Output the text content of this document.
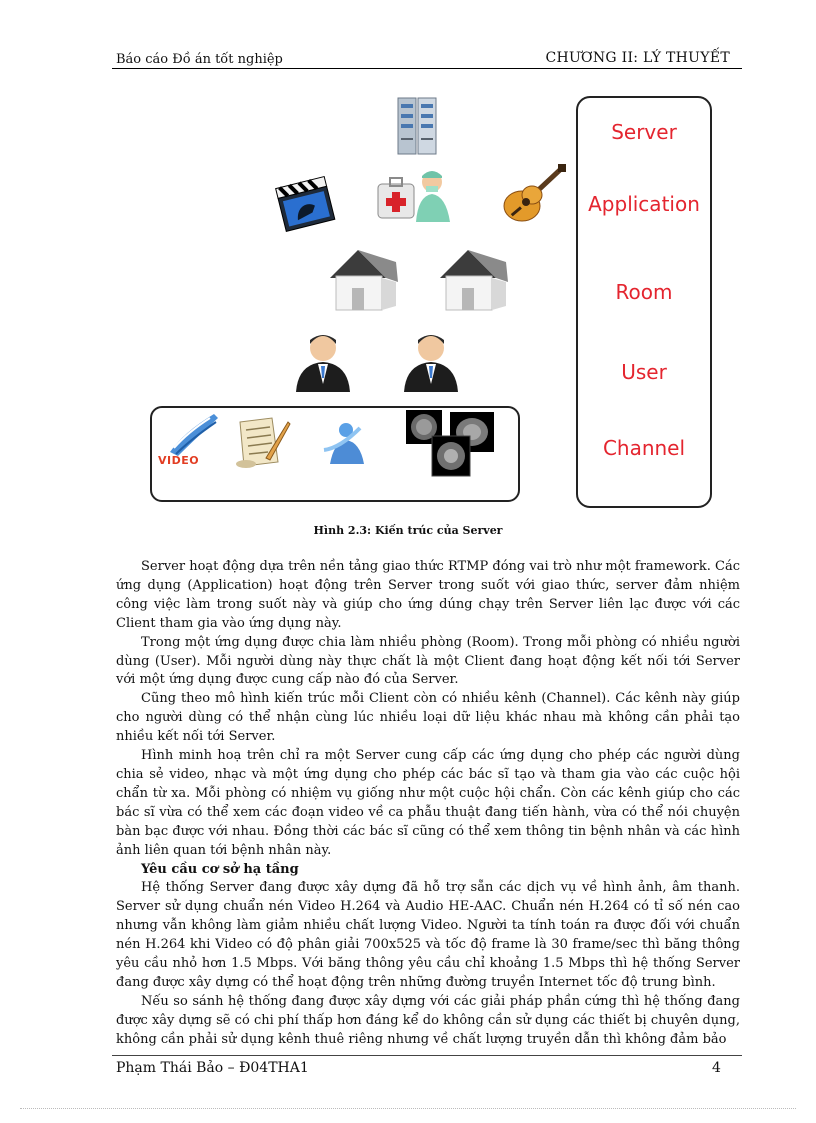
Báo cáo Đồ án tốt nghiệp	CHƯƠNG II: LÝ THUYẾT
VIDEO
Server
Application
Room
User
Channel
Hình 2.3: Kiến trúc của Server

Server hoạt động dựa trên nền tảng giao thức RTMP đóng vai trò như một framework. Các ứng dụng (Application) hoạt động trên Server trong suốt với giao thức, server đảm nhiệm công việc làm trong suốt này và giúp cho ứng dúng chạy trên Server liên lạc được với các Client tham gia vào ứng dụng này.

Trong một ứng dụng được chia làm nhiều phòng (Room). Trong mỗi phòng có nhiều người dùng (User). Mỗi người dùng này thực chất là một Client đang hoạt động kết nối tới Server với một ứng dụng được cung cấp nào đó của Server.

Cũng theo mô hình kiến trúc mỗi Client còn có nhiều kênh (Channel). Các kênh này giúp cho người dùng có thể nhận cùng lúc nhiều loại dữ liệu khác nhau mà không cần phải tạo nhiều kết nối tới Server.

Hình minh hoạ trên chỉ ra một Server cung cấp các ứng dụng cho phép các người dùng chia sẻ video, nhạc và một ứng dụng cho phép các bác sĩ tạo và tham gia vào các cuộc hội chẩn từ xa. Mỗi phòng có nhiệm vụ giống như một cuộc hội chẩn. Còn các kênh giúp cho các bác sĩ vừa có thể xem các đoạn video về ca phẫu thuật đang tiến hành, vừa có thể nói chuyện bàn bạc được với nhau. Đồng thời các bác sĩ cũng có thể xem thông tin bệnh nhân và các hình ảnh liên quan tới bệnh nhân này.

Yêu cầu cơ sở hạ tầng

Hệ thống Server đang được xây dựng đã hỗ trợ sẵn các dịch vụ về hình ảnh, âm thanh. Server sử dụng chuẩn nén Video H.264 và Audio HE-AAC. Chuẩn nén H.264 có tỉ số nén cao nhưng vẫn không làm giảm nhiều chất lượng Video. Người ta tính toán ra được đối với chuẩn nén H.264 khi Video có độ phân giải 700x525 và tốc độ frame là 30 frame/sec thì băng thông yêu cầu nhỏ hơn 1.5 Mbps. Với băng thông yêu cầu chỉ khoảng 1.5 Mbps thì hệ thống Server đang được xây dựng có thể hoạt động trên những đường truyền Internet tốc độ trung bình.

Nếu so sánh hệ thống đang được xây dựng với các giải pháp phần cứng thì hệ thống đang được xây dựng sẽ có chi phí thấp hơn đáng kể do không cần sử dụng các thiết bị chuyên dụng, không cần phải sử dụng kênh thuê riêng nhưng về chất lượng truyền dẫn thì không đảm bảo

Phạm Thái Bảo – Đ04THA1	4
